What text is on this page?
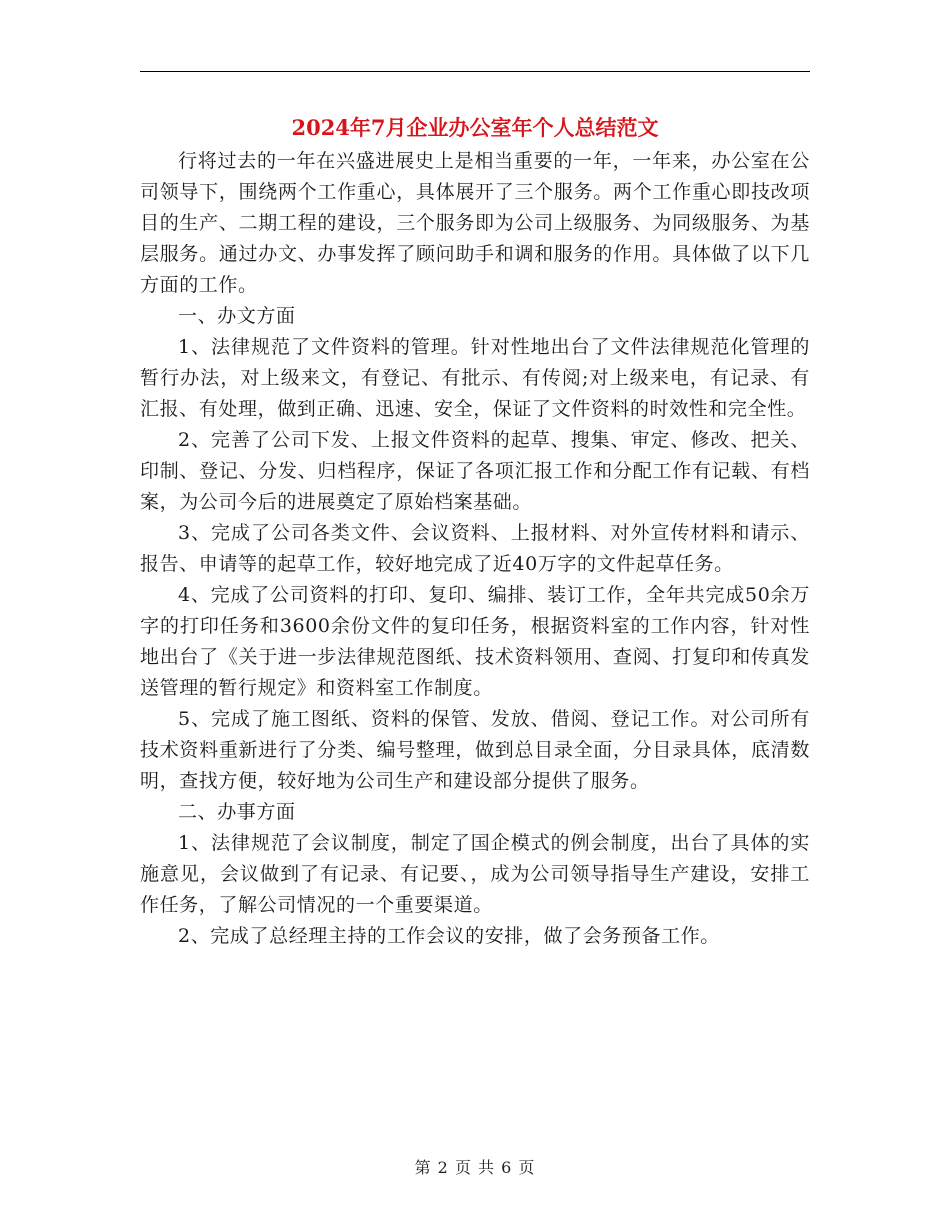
2024年7月企业办公室年个人总结范文

行将过去的一年在兴盛进展史上是相当重要的一年，一年来，办公室在公司领导下，围绕两个工作重心，具体展开了三个服务。两个工作重心即技改项目的生产、二期工程的建设，三个服务即为公司上级服务、为同级服务、为基层服务。通过办文、办事发挥了顾问助手和调和服务的作用。具体做了以下几方面的工作。

一、办文方面

1、法律规范了文件资料的管理。针对性地出台了文件法律规范化管理的暂行办法，对上级来文，有登记、有批示、有传阅;对上级来电，有记录、有汇报、有处理，做到正确、迅速、安全，保证了文件资料的时效性和完全性。

2、完善了公司下发、上报文件资料的起草、搜集、审定、修改、把关、印制、登记、分发、归档程序，保证了各项汇报工作和分配工作有记载、有档案，为公司今后的进展奠定了原始档案基础。

3、完成了公司各类文件、会议资料、上报材料、对外宣传材料和请示、报告、申请等的起草工作，较好地完成了近40万字的文件起草任务。

4、完成了公司资料的打印、复印、编排、装订工作，全年共完成50余万字的打印任务和3600余份文件的复印任务，根据资料室的工作内容，针对性地出台了《关于进一步法律规范图纸、技术资料领用、查阅、打复印和传真发送管理的暂行规定》和资料室工作制度。

5、完成了施工图纸、资料的保管、发放、借阅、登记工作。对公司所有技术资料重新进行了分类、编号整理，做到总目录全面，分目录具体，底清数明，查找方便，较好地为公司生产和建设部分提供了服务。

二、办事方面

1、法律规范了会议制度，制定了国企模式的例会制度，出台了具体的实施意见，会议做到了有记录、有记要、，成为公司领导指导生产建设，安排工作任务，了解公司情况的一个重要渠道。

2、完成了总经理主持的工作会议的安排，做了会务预备工作。

第 2 页 共 6 页
